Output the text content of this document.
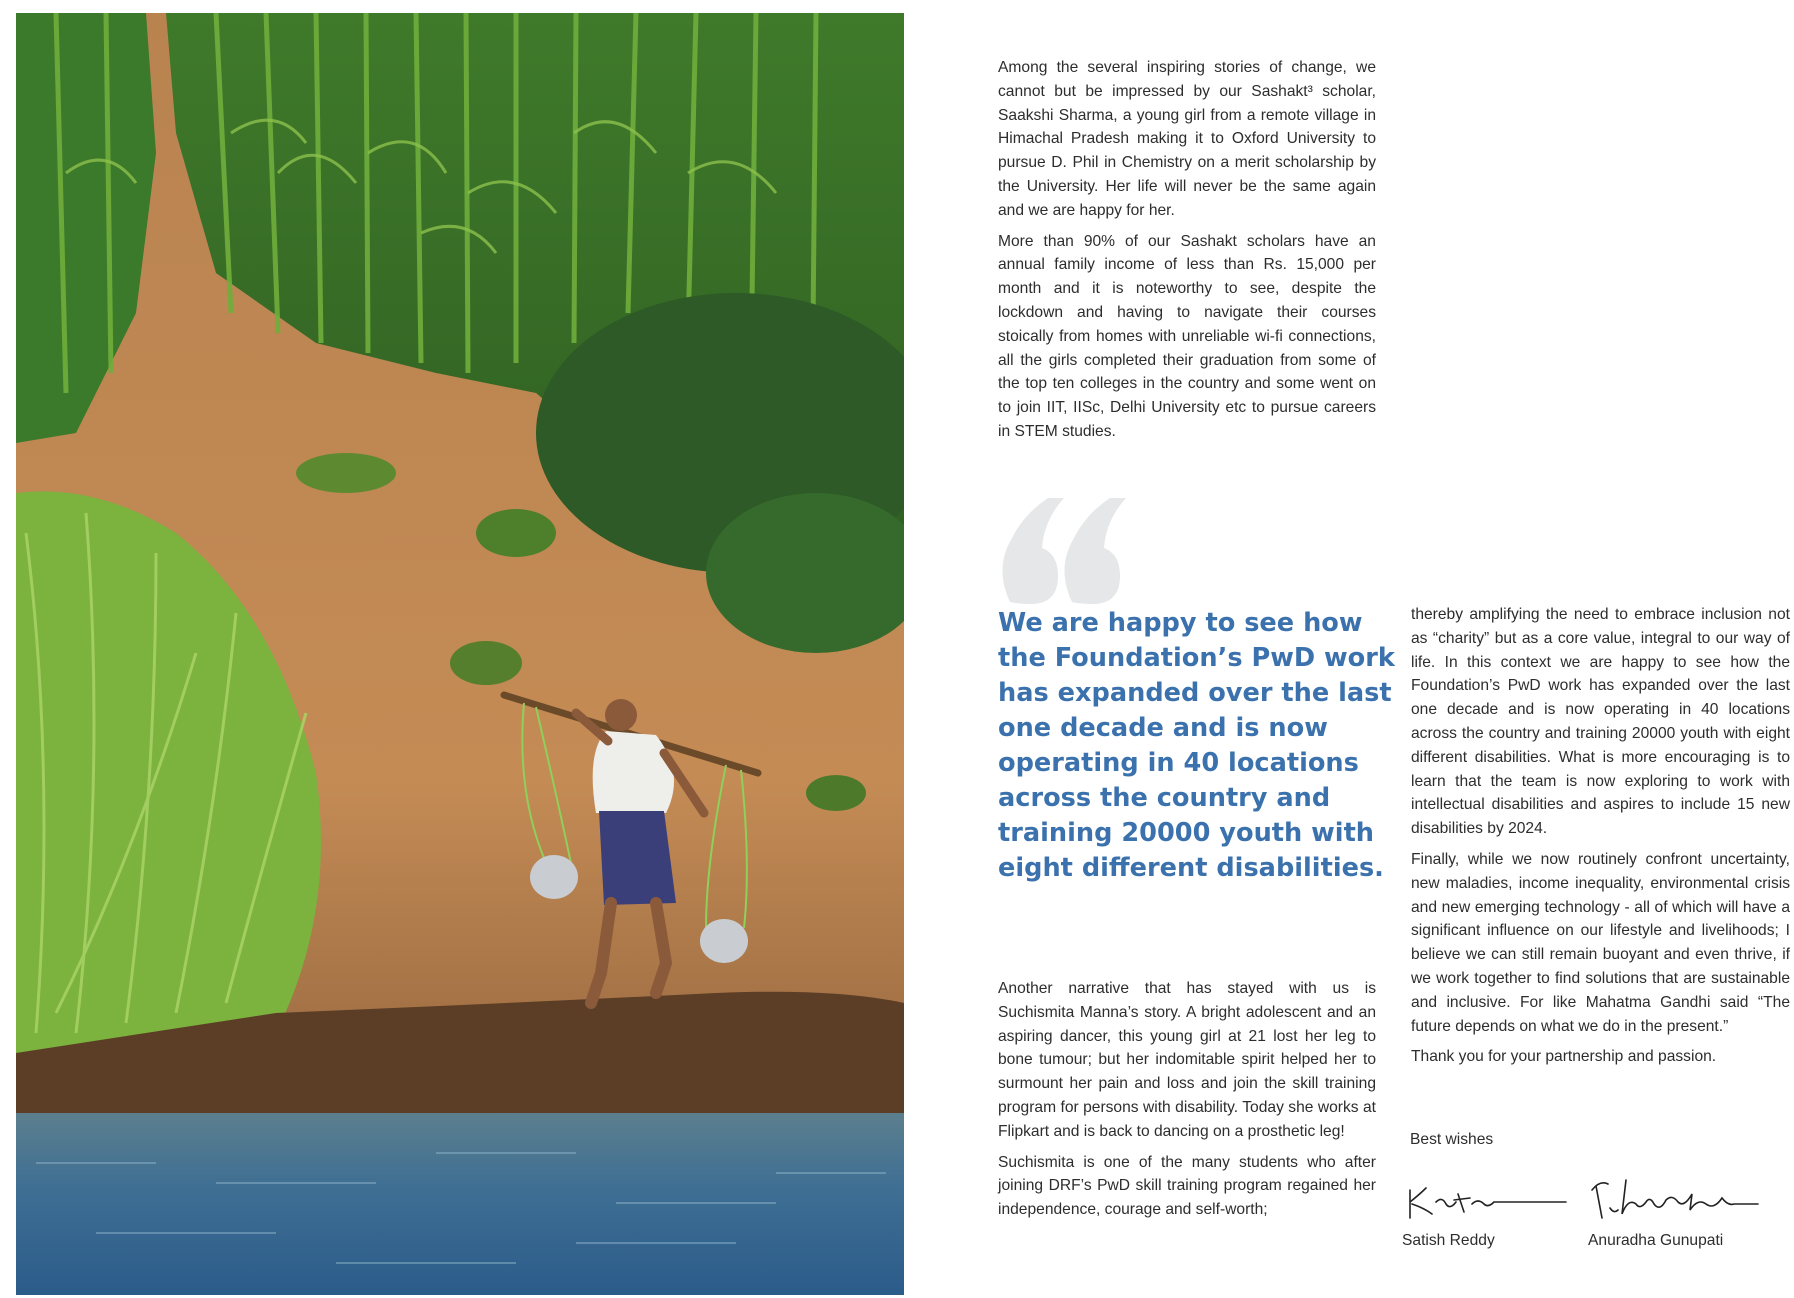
Among the several inspiring stories of change, we cannot but be impressed by our Sashakt³ scholar, Saakshi Sharma, a young girl from a remote village in Himachal Pradesh making it to Oxford University to pursue D. Phil in Chemistry on a merit scholarship by the University. Her life will never be the same again and we are happy for her.

More than 90% of our Sashakt scholars have an annual family income of less than Rs. 15,000 per month and it is noteworthy to see, despite the lockdown and having to navigate their courses stoically from homes with unreliable wi-fi connections, all the girls completed their graduation from some of the top ten colleges in the country and some went on to join IIT, IISc, Delhi University etc to pursue careers in STEM studies.

We are happy to see how the Foundation’s PwD work has expanded over the last one decade and is now operating in 40 locations across the country and training 20000 youth with eight different disabilities.

Another narrative that has stayed with us is Suchismita Manna’s story. A bright adolescent and an aspiring dancer, this young girl at 21 lost her leg to bone tumour; but her indomitable spirit helped her to surmount her pain and loss and join the skill training program for persons with disability. Today she works at Flipkart and is back to dancing on a prosthetic leg!

Suchismita is one of the many students who after joining DRF’s PwD skill training program regained her independence, courage and self-worth;

thereby amplifying the need to embrace inclusion not as “charity” but as a core value, integral to our way of life. In this context we are happy to see how the Foundation’s PwD work has expanded over the last one decade and is now operating in 40 locations across the country and training 20000 youth with eight different disabilities. What is more encouraging is to learn that the team is now exploring to work with intellectual disabilities and aspires to include 15 new disabilities by 2024.

Finally, while we now routinely confront uncertainty, new maladies, income inequality, environmental crisis and new emerging technology - all of which will have a significant influence on our lifestyle and livelihoods; I believe we can still remain buoyant and even thrive, if we work together to find solutions that are sustainable and inclusive. For like Mahatma Gandhi said “The future depends on what we do in the present.”

Thank you for your partnership and passion.

Best wishes

Satish Reddy	Anuradha Gunupati
